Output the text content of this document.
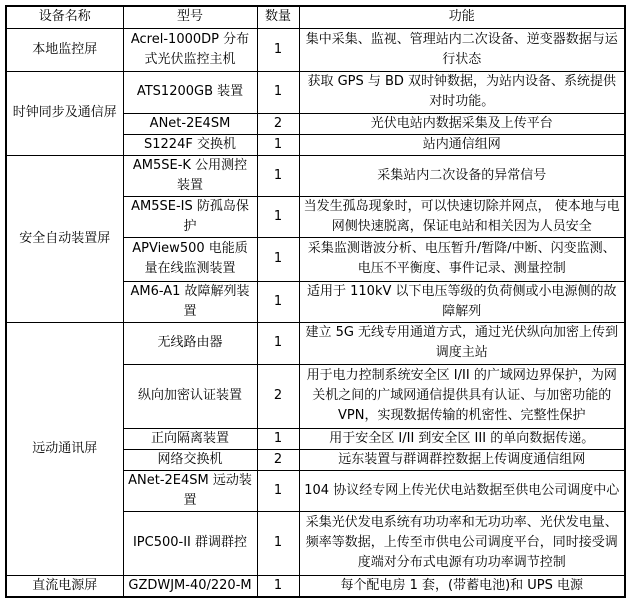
设备名称	型号	数量	功能
本地监控屏	Acrel-1000DP 分布式光伏监控主机	1	集中采集、监视、管理站内二次设备、逆变器数据与运行状态
时钟同步及通信屏	ATS1200GB 装置	1	获取 GPS 与 BD 双时钟数据，为站内设备、系统提供对时功能。
	ANet-2E4SM	2	光伏电站内数据采集及上传平台
	S1224F 交换机	1	站内通信组网
安全自动装置屏	AM5SE-K 公用测控装置	1	采集站内二次设备的异常信号
	AM5SE-IS 防孤岛保护	1	当发生孤岛现象时，可以快速切除并网点， 使本地与电网侧快速脱离，保证电站和相关因为人员安全
	APView500 电能质量在线监测装置	1	采集监测谐波分析、电压暂升/暂降/中断、闪变监测、电压不平衡度、事件记录、测量控制
	AM6-A1 故障解列装置	1	适用于 110kV 以下电压等级的负荷侧或小电源侧的故障解列
远动通讯屏	无线路由器	1	建立 5G 无线专用通道方式，通过光伏纵向加密上传到调度主站
	纵向加密认证装置	2	用于电力控制系统安全区 I/II 的广域网边界保护，为网关机之间的广域网通信提供具有认证、与加密功能的 VPN，实现数据传输的机密性、完整性保护
	正向隔离装置	1	用于安全区 I/II 到安全区 III 的单向数据传递。
	网络交换机	2	远东装置与群调群控数据上传调度通信组网
	ANet-2E4SM 远动装置	1	104 协议经专网上传光伏电站数据至供电公司调度中心
	IPC500-II 群调群控	1	采集光伏发电系统有功功率和无功功率、光伏发电量、频率等数据，上传至市供电公司调度平台，同时接受调度端对分布式电源有功功率调节控制
直流电源屏	GZDWJM-40/220-M	1	每个配电房 1 套，(带蓄电池)和 UPS 电源
